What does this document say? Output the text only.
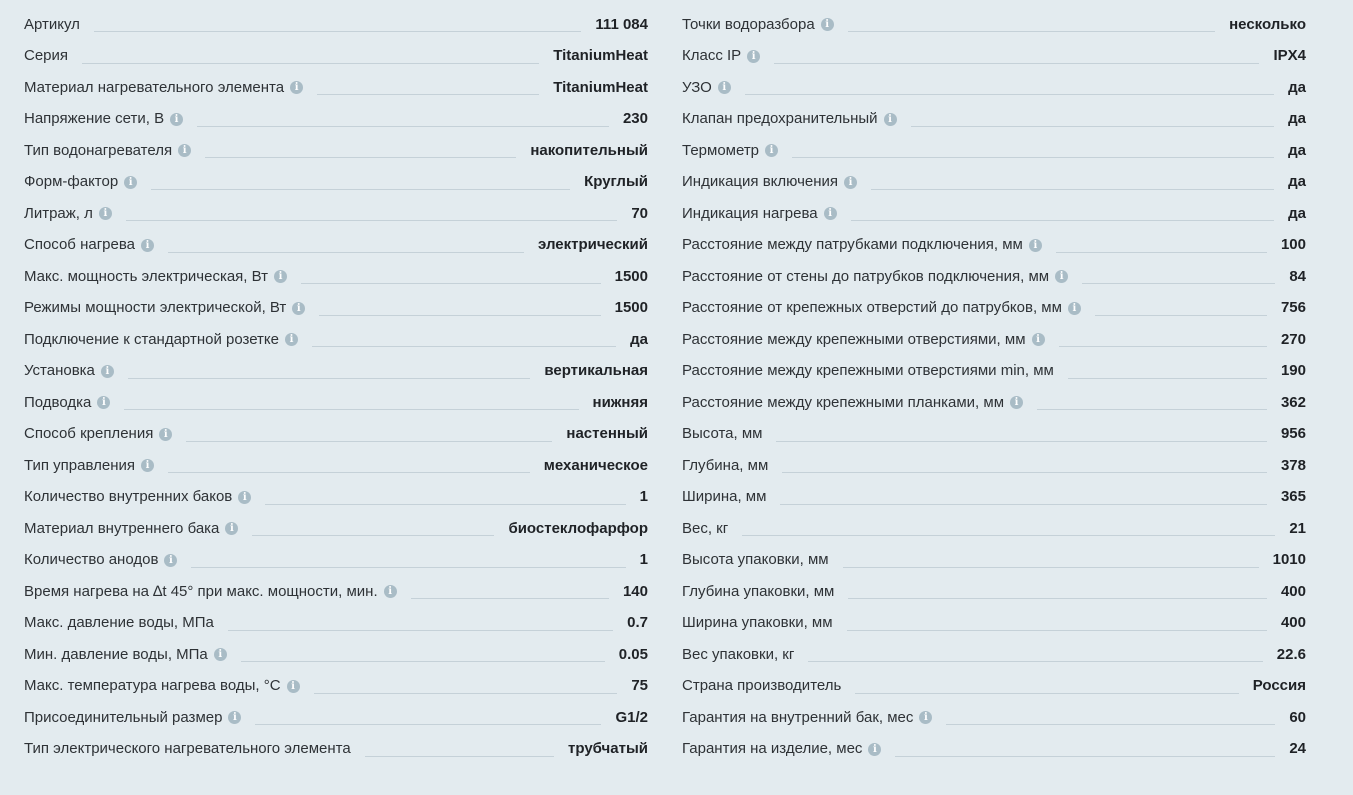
Артикул	111 084
Серия	TitaniumHeat
Материал нагревательного элемента	i	TitaniumHeat
Напряжение сети, В	i	230
Тип водонагревателя	i	накопительный
Форм-фактор	i	Круглый
Литраж, л	i	70
Способ нагрева	i	электрический
Макс. мощность электрическая, Вт	i	1500
Режимы мощности электрической, Вт	i	1500
Подключение к стандартной розетке	i	да
Установка	i	вертикальная
Подводка	i	нижняя
Способ крепления	i	настенный
Тип управления	i	механическое
Количество внутренних баков	i	1
Материал внутреннего бака	i	биостеклофарфор
Количество анодов	i	1
Время нагрева на ∆t 45° при макс. мощности, мин.	i	140
Макс. давление воды, МПа	0.7
Мин. давление воды, МПа	i	0.05
Макс. температура нагрева воды, °С	i	75
Присоединительный размер	i	G1/2
Тип электрического нагревательного элемента	трубчатый
Точки водоразбора	i	несколько
Класс IP	i	IPX4
УЗО	i	да
Клапан предохранительный	i	да
Термометр	i	да
Индикация включения	i	да
Индикация нагрева	i	да
Расстояние между патрубками подключения, мм	i	100
Расстояние от стены до патрубков подключения, мм	i	84
Расстояние от крепежных отверстий до патрубков, мм	i	756
Расстояние между крепежными отверстиями, мм	i	270
Расстояние между крепежными отверстиями min, мм	190
Расстояние между крепежными планками, мм	i	362
Высота, мм	956
Глубина, мм	378
Ширина, мм	365
Вес, кг	21
Высота упаковки, мм	1010
Глубина упаковки, мм	400
Ширина упаковки, мм	400
Вес упаковки, кг	22.6
Страна производитель	Россия
Гарантия на внутренний бак, мес	i	60
Гарантия на изделие, мес	i	24
